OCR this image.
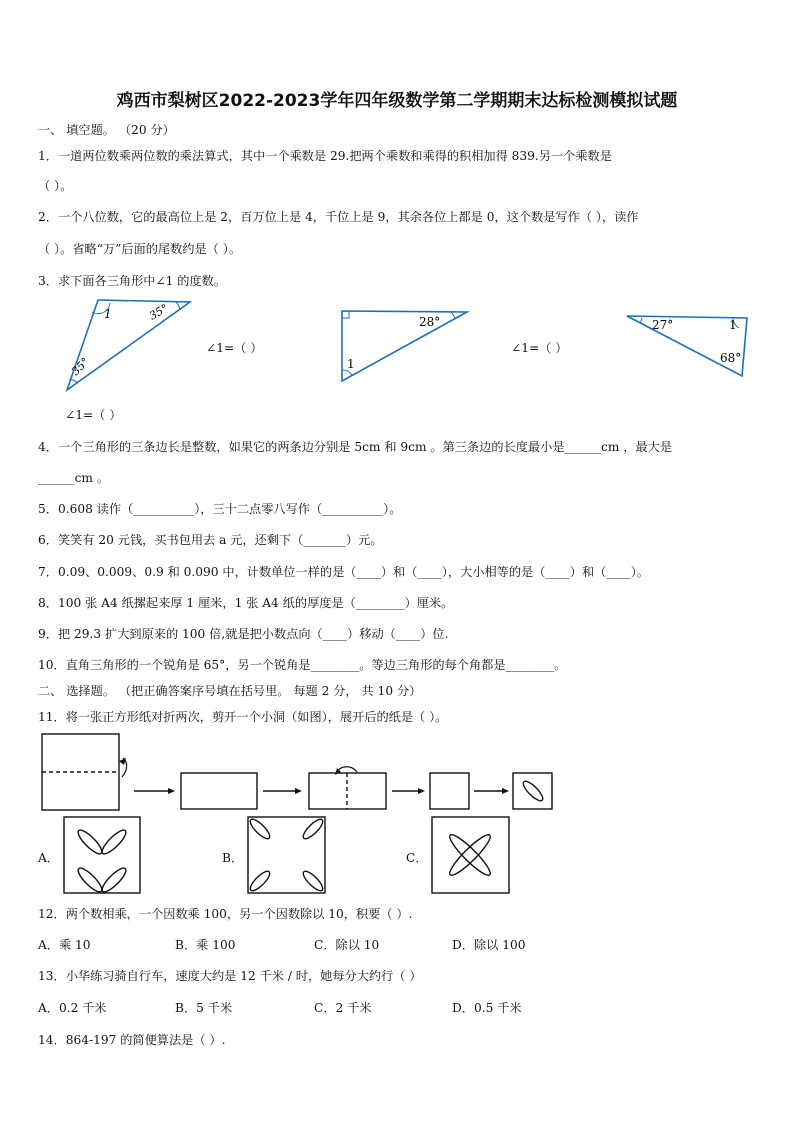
鸡西市梨树区2022-2023学年四年级数学第二学期期末达标检测模拟试题
一、 填空题。 （20 分）
1．一道两位数乘两位数的乘法算式，其中一个乘数是 29.把两个乘数和乘得的积相加得 839.另一个乘数是
（ ）。
2．一个八位数，它的最高位上是 2，百万位上是 4，千位上是 9，其余各位上都是 0，这个数是写作（ ），读作
（ ）。省略“万”后面的尾数约是（ ）。
3．求下面各三角形中∠1 的度数。
1	35°
35°
28°
1
27°	1
68°
∠1=（ ）	∠1=（ ）
∠1=（ ）
4．一个三角形的三条边长是整数，如果它的两条边分别是 5cm 和 9cm 。第三条边的长度最小是______cm ，最大是
______cm 。
5．0.608 读作（__________），三十二点零八写作（__________）。
6．笑笑有 20 元钱，买书包用去 a 元，还剩下（_______）元。
7．0.09、0.009、0.9 和 0.090 中，计数单位一样的是（____）和（____），大小相等的是（____）和（____）。
8．100 张 A4 纸摞起来厚 1 厘米，1 张 A4 纸的厚度是（________）厘米。
9．把 29.3 扩大到原来的 100 倍,就是把小数点向（____）移动（____）位.
10．直角三角形的一个锐角是 65°，另一个锐角是________。等边三角形的每个角都是________。
二、 选择题。 （把正确答案序号填在括号里。 每题 2 分， 共 10 分）
11．将一张正方形纸对折两次，剪开一个小洞（如图），展开后的纸是（ ）。
A．	B．	C．
12．两个数相乘，一个因数乘 100，另一个因数除以 10，积要（ ）.
A．乘 10	B．乘 100	C．除以 10	D．除以 100
13．小华练习骑自行车，速度大约是 12 千米 / 时，她每分大约行（ ）
A．0.2 千米	B．5 千米	C．2 千米	D．0.5 千米
14．864-197 的简便算法是（ ）.
